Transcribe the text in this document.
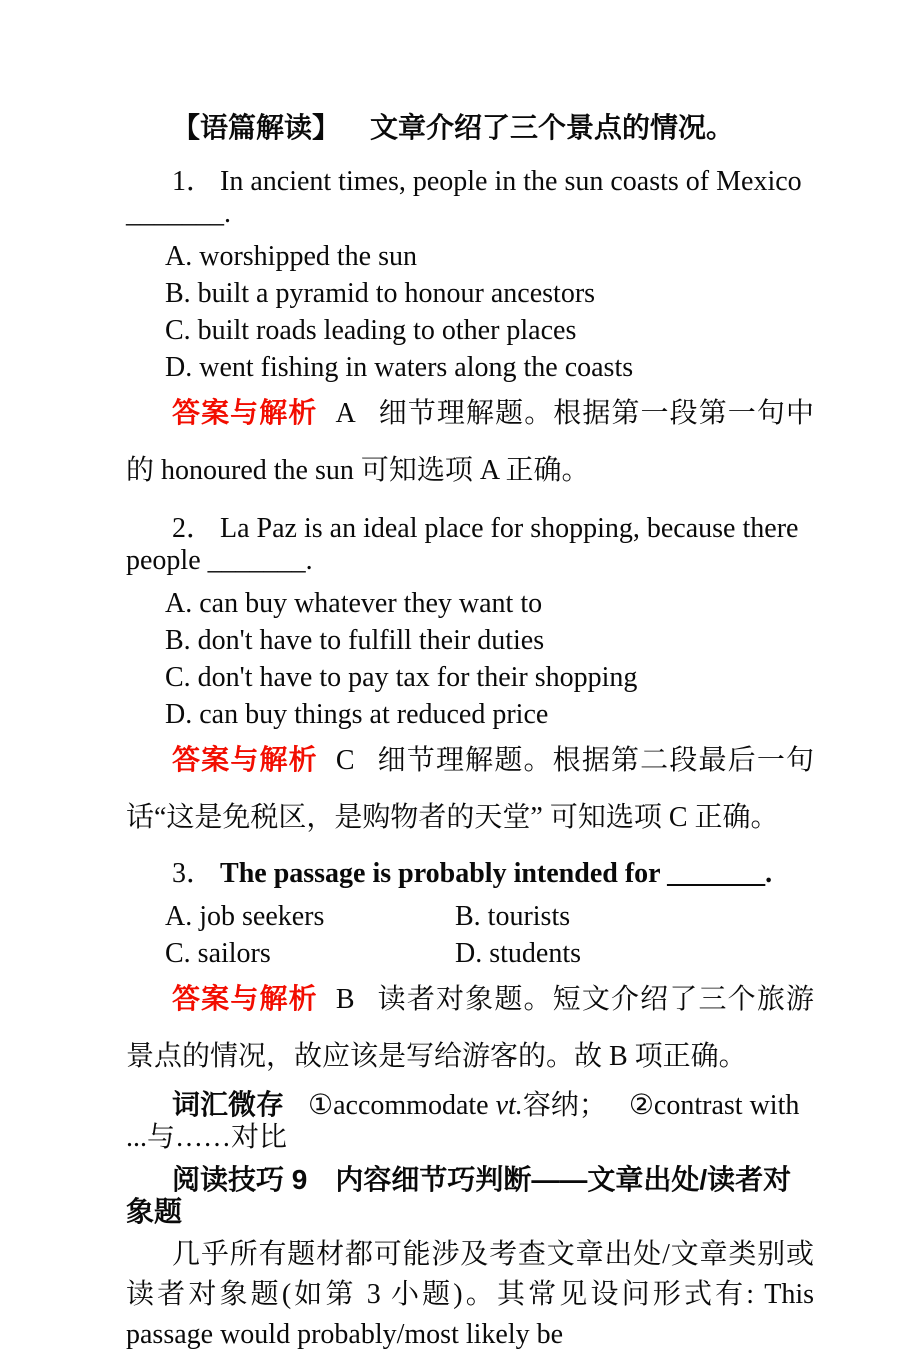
【语篇解读】 文章介绍了三个景点的情况。

1． In ancient times, people in the sun coasts of Mexico _______.

A. worshipped the sun

B. built a pyramid to honour ancestors

C. built roads leading to other places

D. went fishing in waters along the coasts

答案与解析 A 细节理解题。根据第一段第一句中的 honoured the sun 可知选项 A 正确。

2． La Paz is an ideal place for shopping, because there people _______.

A. can buy whatever they want to

B. don't have to fulfill their duties

C. don't have to pay tax for their shopping

D. can buy things at reduced price

答案与解析 C 细节理解题。根据第二段最后一句话“这是免税区，是购物者的天堂” 可知选项 C 正确。

3． The passage is probably intended for _______.

A. job seekers	B. tourists

C. sailors	D. students

答案与解析 B 读者对象题。短文介绍了三个旅游景点的情况，故应该是写给游客的。故 B 项正确。

词汇微存 ①accommodate vt.容纳； ②contrast with ...与……对比

阅读技巧 9 内容细节巧判断——文章出处/读者对象题

几乎所有题材都可能涉及考查文章出处/文章类别或读者对象题(如第 3 小题)。其常见设问形式有: This passage would probably/most likely be
